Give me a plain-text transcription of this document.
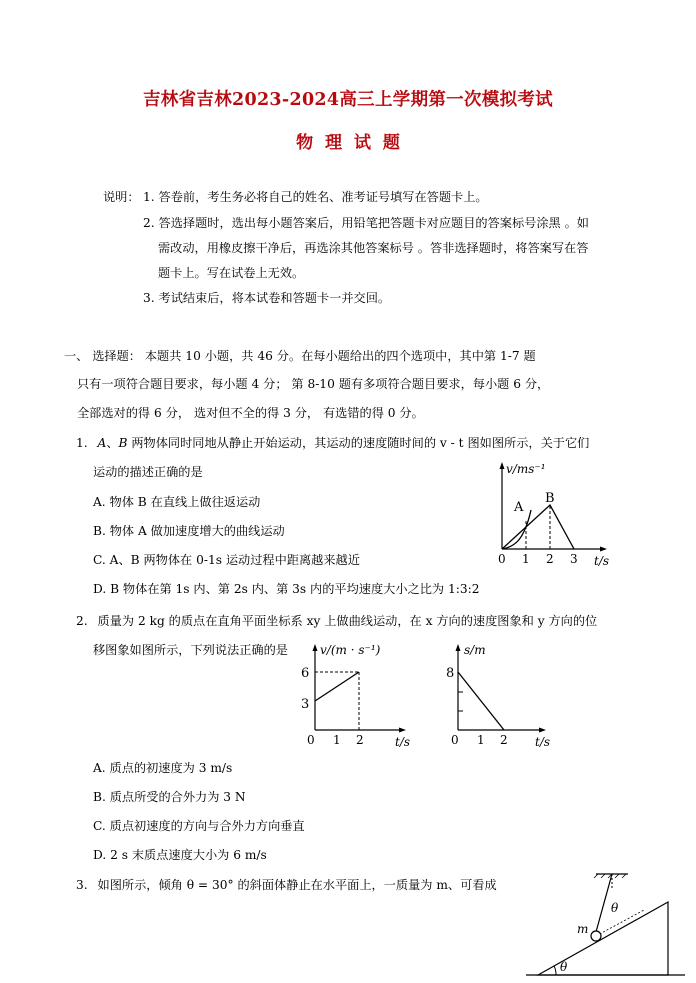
吉林省吉林2023-2024高三上学期第一次模拟考试
物 理 试 题
说明： 1. 答卷前，考生务必将自己的姓名、准考证号填写在答题卡上。
2. 答选择题时，选出每小题答案后，用铅笔把答题卡对应题目的答案标号涂黑 。如
需改动，用橡皮擦干净后，再选涂其他答案标号 。答非选择题时，将答案写在答
题卡上。写在试卷上无效。
3. 考试结束后，将本试卷和答题卡一并交回。
一、 选择题： 本题共 10 小题，共 46 分。在每小题给出的四个选项中，其中第 1-7 题
只有一项符合题目要求，每小题 4 分； 第 8-10 题有多项符合题目要求，每小题 6 分，
全部选对的得 6 分， 选对但不全的得 3 分， 有选错的得 0 分。
1. A、B 两物体同时同地从静止开始运动，其运动的速度随时间的 v - t 图如图所示，关于它们
运动的描述正确的是
A. 物体 B 在直线上做往返运动
B. 物体 A 做加速度增大的曲线运动
C. A、B 两物体在 0-1s 运动过程中距离越来越近
D. B 物体在第 1s 内、第 2s 内、第 3s 内的平均速度大小之比为 1:3:2
v/ms⁻¹
t/s
0 1 2 3
A
B
2. 质量为 2 kg 的质点在直角平面坐标系 xy 上做曲线运动，在 x 方向的速度图象和 y 方向的位
移图象如图所示，下列说法正确的是	v/(m · s⁻¹)
t/s
6
3
0 1 2
s/m
t/s
8
0 1 2
A. 质点的初速度为 3 m/s
B. 质点所受的合外力为 3 N
C. 质点初速度的方向与合外力方向垂直
D. 2 s 末质点速度大小为 6 m/s
3. 如图所示，倾角 θ = 30° 的斜面体静止在水平面上，一质量为 m、可看成
m
θ
θ
